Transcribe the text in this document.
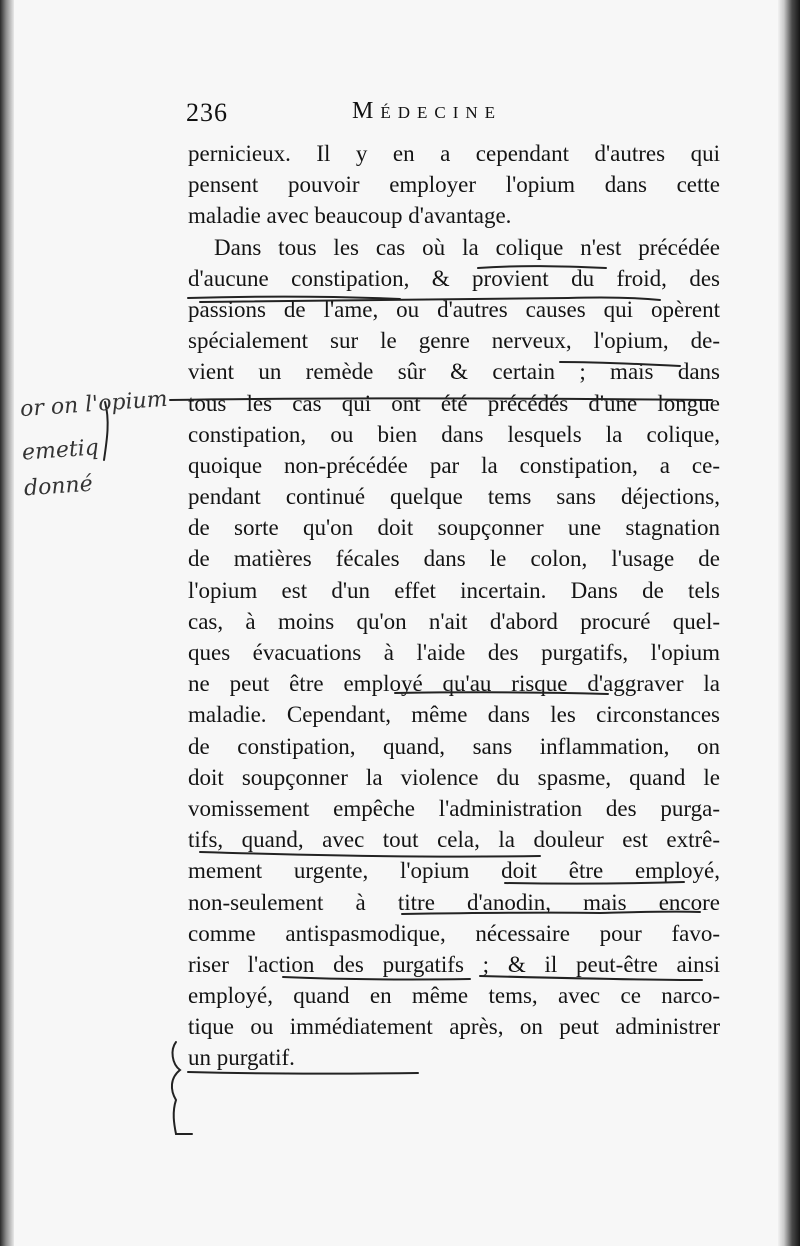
236	Médecine
pernicieux. Il y en a cependant d'autres qui
pensent pouvoir employer l'opium dans cette
maladie avec beaucoup d'avantage.
Dans tous les cas où la colique n'est précédée
d'aucune constipation, & provient du froid, des
passions de l'ame, ou d'autres causes qui opèrent
spécialement sur le genre nerveux, l'opium, de-
vient un remède sûr & certain ; mais dans
tous les cas qui ont été précédés d'une longue
constipation, ou bien dans lesquels la colique,
quoique non-précédée par la constipation, a ce-
pendant continué quelque tems sans déjections,
de sorte qu'on doit soupçonner une stagnation
de matières fécales dans le colon, l'usage de
l'opium est d'un effet incertain. Dans de tels
cas, à moins qu'on n'ait d'abord procuré quel-
ques évacuations à l'aide des purgatifs, l'opium
ne peut être employé qu'au risque d'aggraver la
maladie. Cependant, même dans les circonstances
de constipation, quand, sans inflammation, on
doit soupçonner la violence du spasme, quand le
vomissement empêche l'administration des purga-
tifs, quand, avec tout cela, la douleur est extrê-
mement urgente, l'opium doit être employé,
non-seulement à titre d'anodin, mais encore
comme antispasmodique, nécessaire pour favo-
riser l'action des purgatifs ; & il peut-être ainsi
employé, quand en même tems, avec ce narco-
tique ou immédiatement après, on peut administrer
un purgatif.
or on l'opium
emetiq
donné
